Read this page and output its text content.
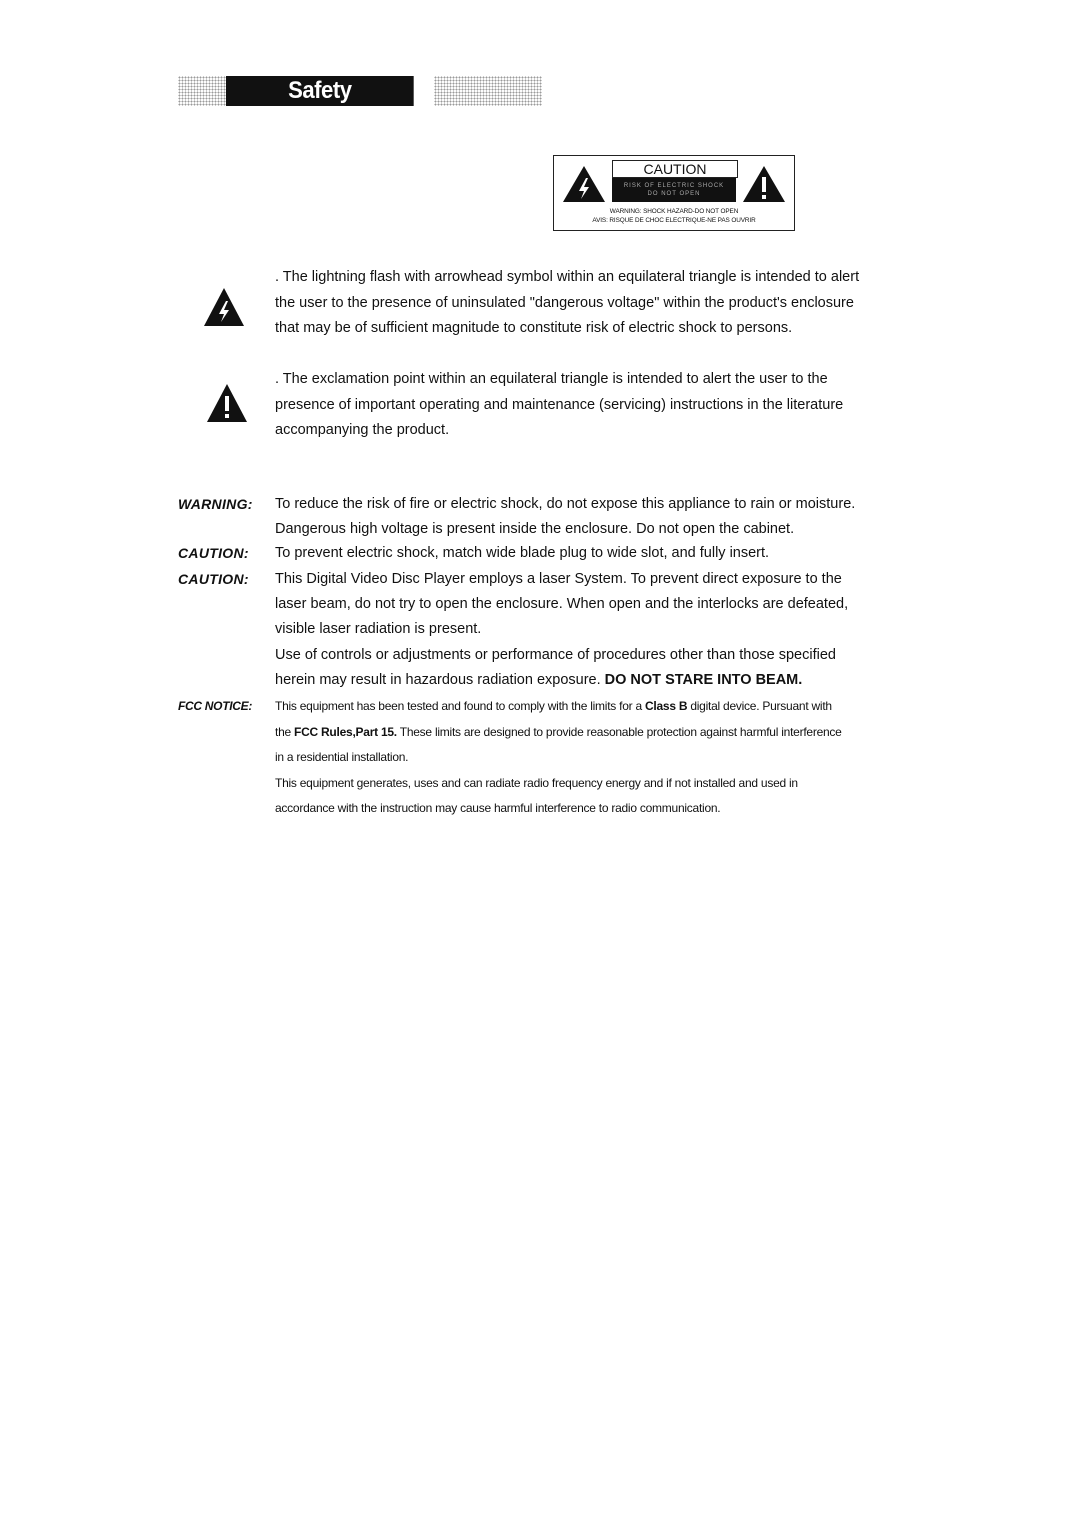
Safety Precautions
CAUTION
RISK OF ELECTRIC SHOCK
DO NOT OPEN
WARNING: SHOCK HAZARD-DO NOT OPEN
AVIS: RISQUE DE CHOC ELECTRIQUE-NE PAS OUVRIR
. The lightning flash with arrowhead symbol within an equilateral triangle is intended to alert
the user to the presence of uninsulated "dangerous voltage" within the product's enclosure
that may be of sufficient magnitude to constitute risk of electric shock to persons.
. The exclamation point within an equilateral triangle is intended to alert the user to the
presence of important operating and maintenance (servicing) instructions in the literature
accompanying the product.
WARNING: To reduce the risk of fire or electric shock, do not expose this appliance to rain or moisture.
Dangerous high voltage is present inside the enclosure. Do not open the cabinet.
CAUTION: To prevent electric shock, match wide blade plug to wide slot, and fully insert.
CAUTION: This Digital Video Disc Player employs a laser System. To prevent direct exposure to the
laser beam, do not try to open the enclosure. When open and the interlocks are defeated,
visible laser radiation is present.
Use of controls or adjustments or performance of procedures other than those specified
herein may result in hazardous radiation exposure. DO NOT STARE INTO BEAM.
FCC NOTICE: This equipment has been tested and found to comply with the limits for a Class B digital device. Pursuant with
the FCC Rules,Part 15. These limits are designed to provide reasonable protection against harmful interference
in a residential installation.
This equipment generates, uses and can radiate radio frequency energy and if not installed and used in
accordance with the instruction may cause harmful interference to radio communication.
